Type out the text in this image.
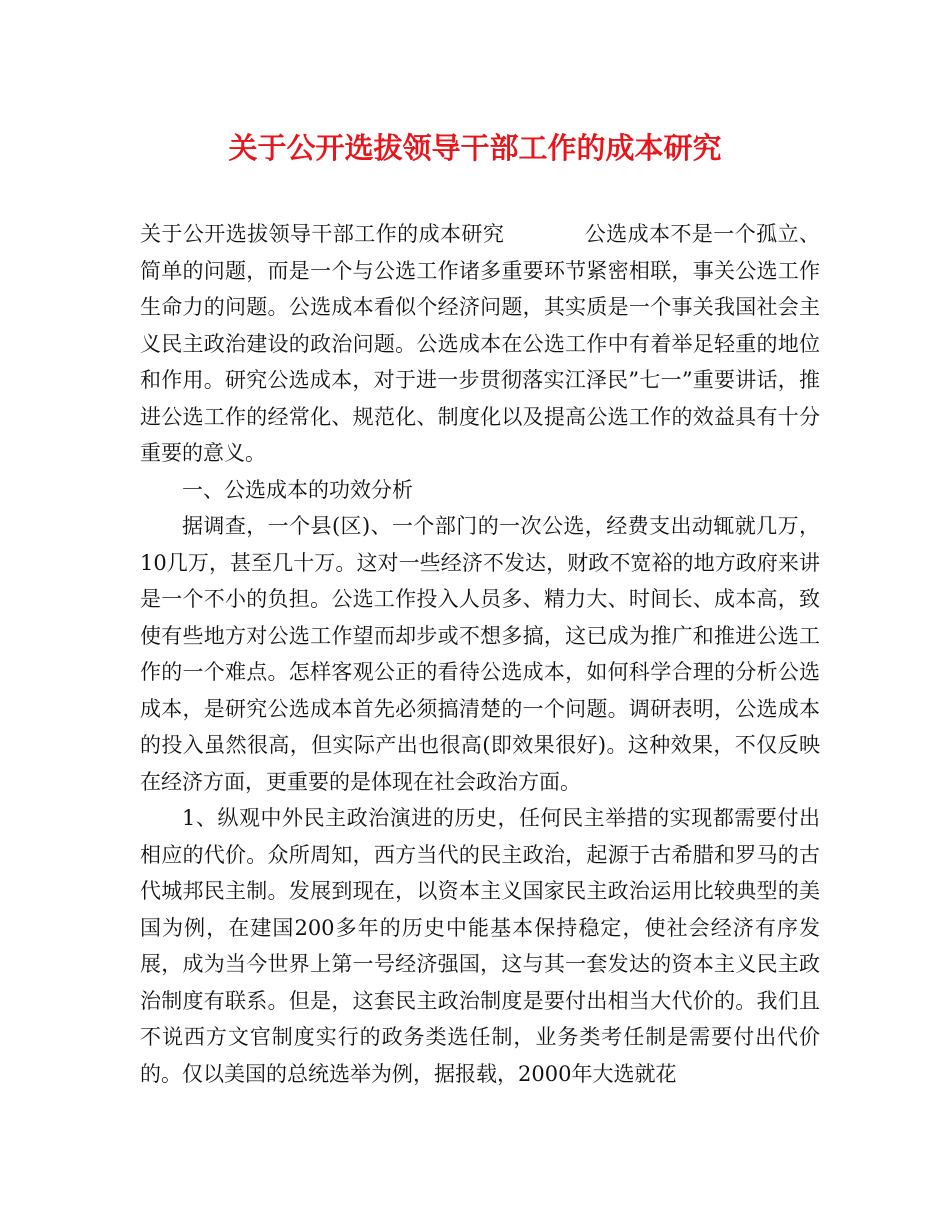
关于公开选拔领导干部工作的成本研究

关于公开选拔领导干部工作的成本研究	公选成本不是一个孤立、简单的问题，而是一个与公选工作诸多重要环节紧密相联，事关公选工作生命力的问题。公选成本看似个经济问题，其实质是一个事关我国社会主义民主政治建设的政治问题。公选成本在公选工作中有着举足轻重的地位和作用。研究公选成本，对于进一步贯彻落实江泽民”七一”重要讲话，推进公选工作的经常化、规范化、制度化以及提高公选工作的效益具有十分重要的意义。

一、公选成本的功效分析

据调查，一个县(区)、一个部门的一次公选，经费支出动辄就几万，10几万，甚至几十万。这对一些经济不发达，财政不宽裕的地方政府来讲是一个不小的负担。公选工作投入人员多、精力大、时间长、成本高，致使有些地方对公选工作望而却步或不想多搞，这已成为推广和推进公选工作的一个难点。怎样客观公正的看待公选成本，如何科学合理的分析公选成本，是研究公选成本首先必须搞清楚的一个问题。调研表明，公选成本的投入虽然很高，但实际产出也很高(即效果很好)。这种效果，不仅反映在经济方面，更重要的是体现在社会政治方面。

1、纵观中外民主政治演进的历史，任何民主举措的实现都需要付出相应的代价。众所周知，西方当代的民主政治，起源于古希腊和罗马的古代城邦民主制。发展到现在，以资本主义国家民主政治运用比较典型的美国为例，在建国200多年的历史中能基本保持稳定，使社会经济有序发展，成为当今世界上第一号经济强国，这与其一套发达的资本主义民主政治制度有联系。但是，这套民主政治制度是要付出相当大代价的。我们且不说西方文官制度实行的政务类选任制，业务类考任制是需要付出代价的。仅以美国的总统选举为例，据报载，2000年大选就花
